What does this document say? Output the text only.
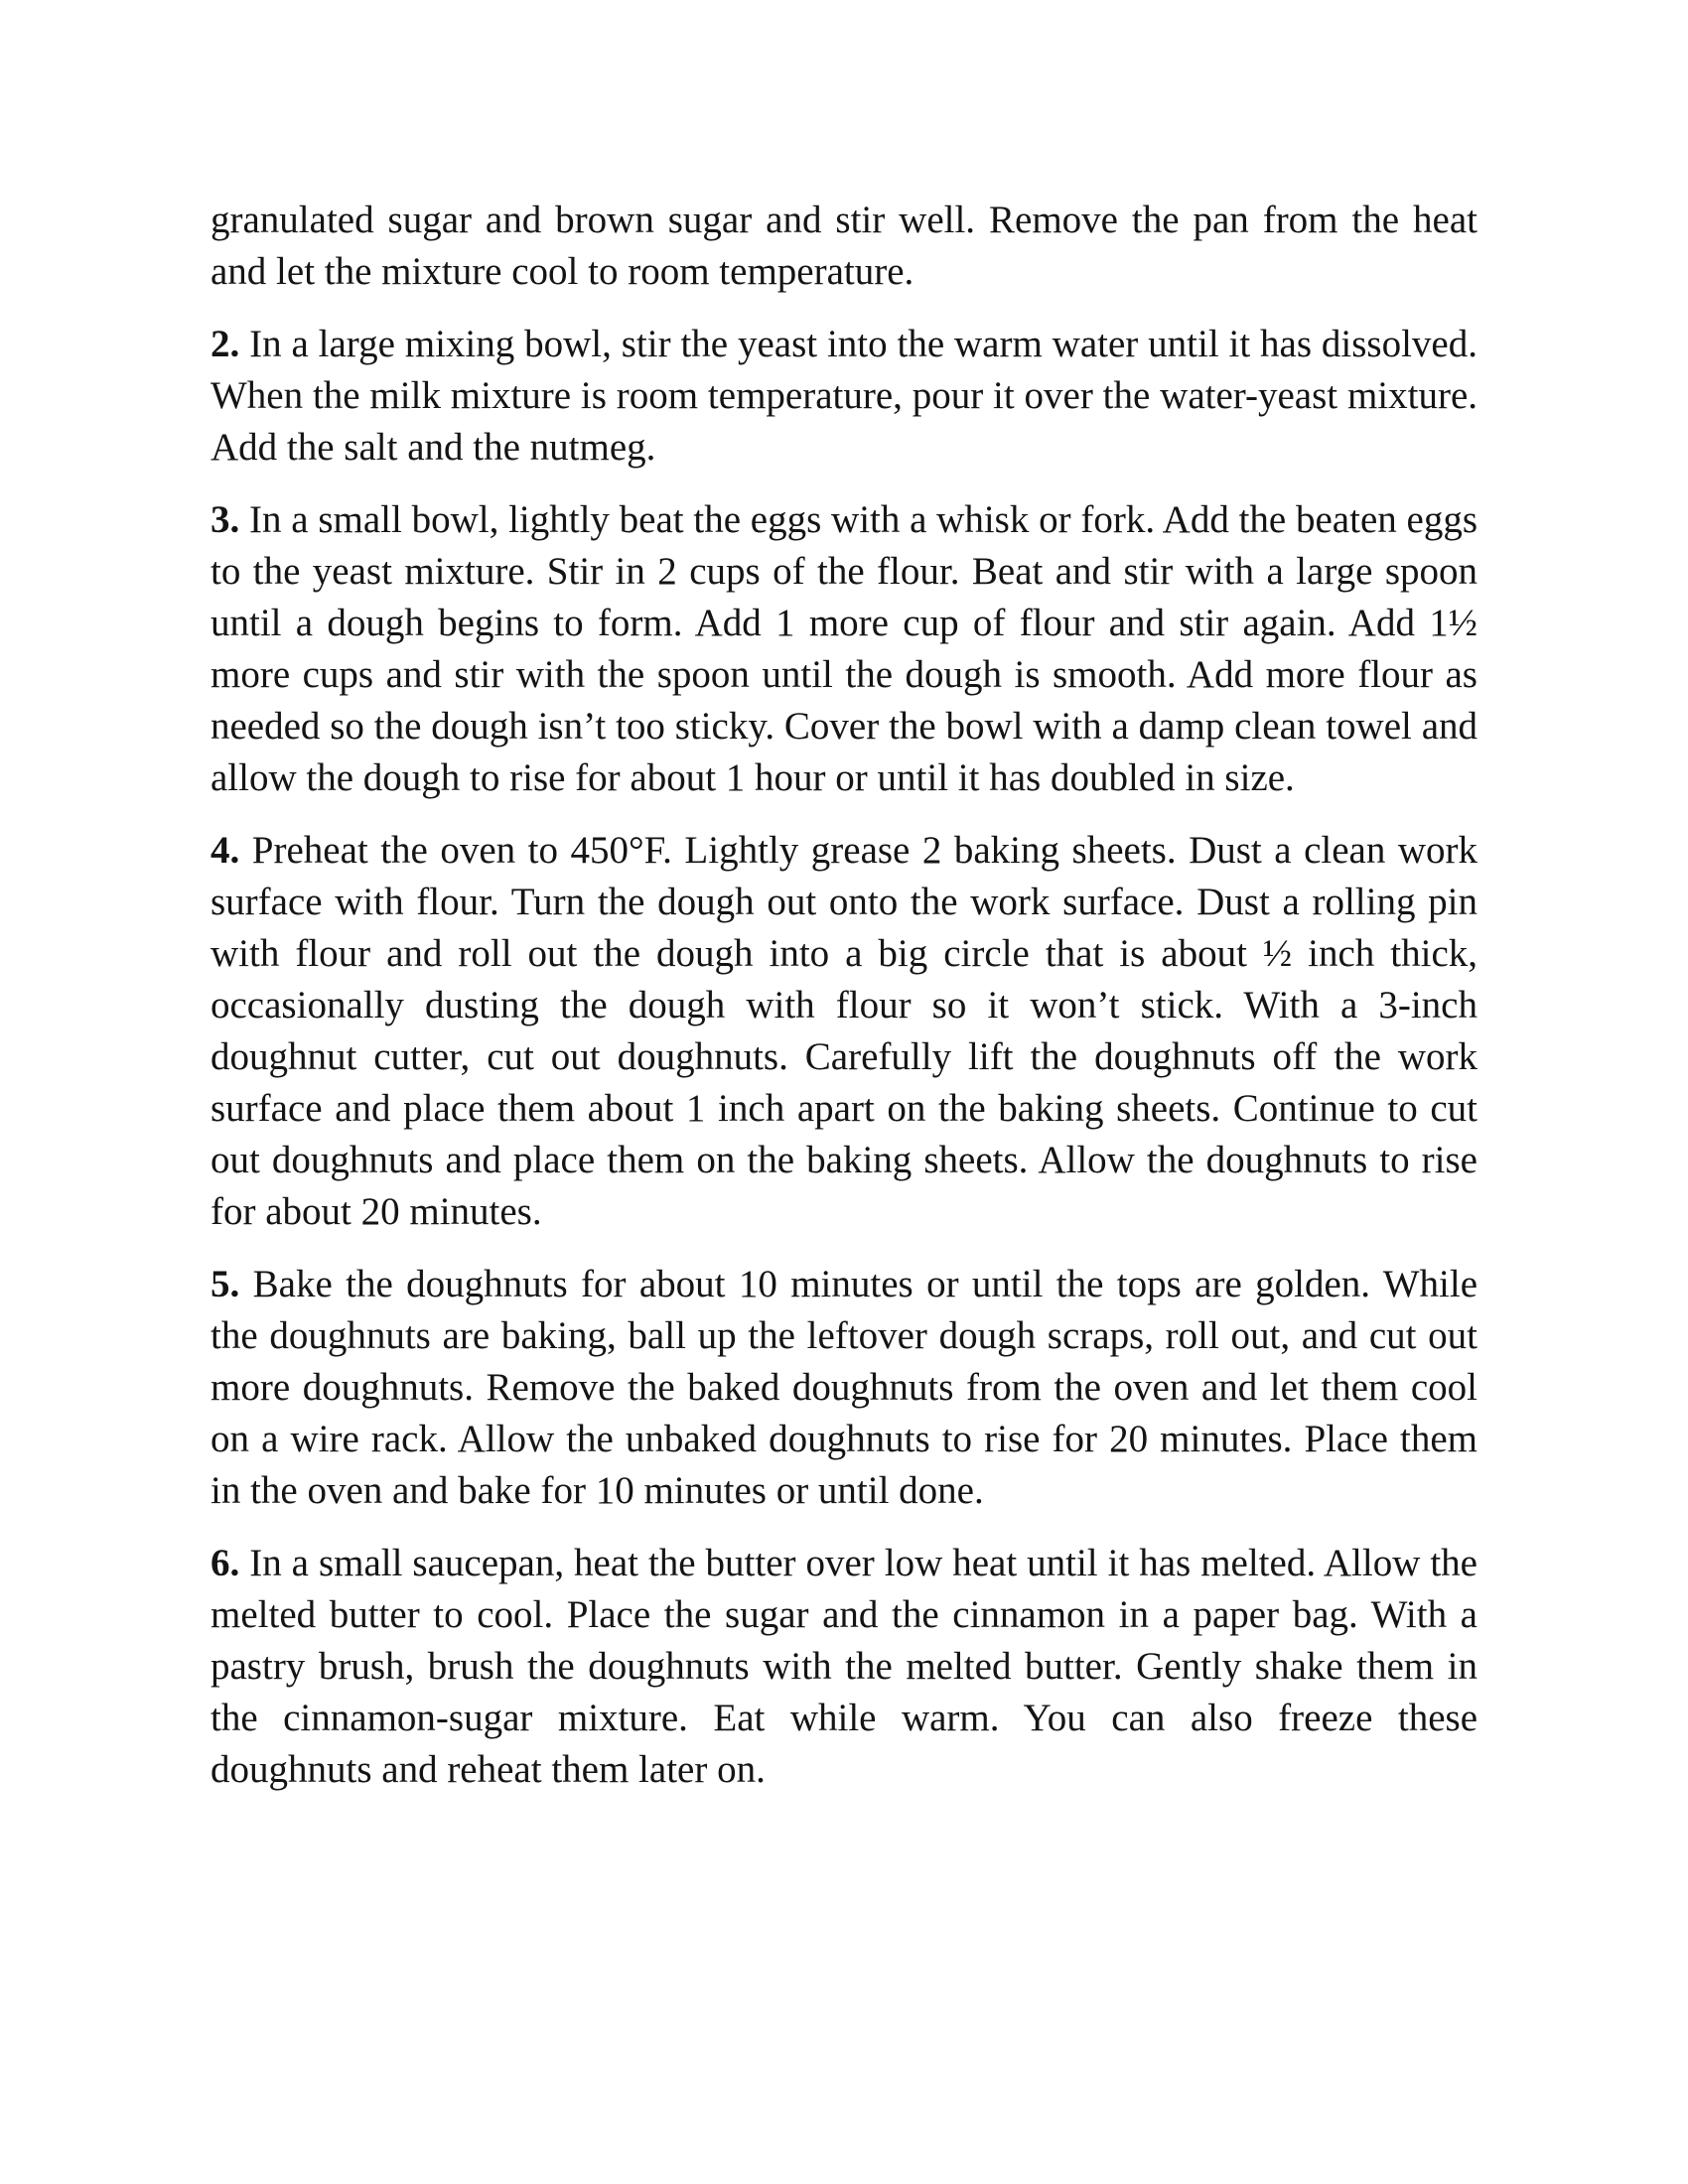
granulated sugar and brown sugar and stir well. Remove the pan from the heat and let the mixture cool to room temperature.

2. In a large mixing bowl, stir the yeast into the warm water until it has dissolved. When the milk mixture is room temperature, pour it over the water-yeast mixture. Add the salt and the nutmeg.

3. In a small bowl, lightly beat the eggs with a whisk or fork. Add the beaten eggs to the yeast mixture. Stir in 2 cups of the flour. Beat and stir with a large spoon until a dough begins to form. Add 1 more cup of flour and stir again. Add 1½ more cups and stir with the spoon until the dough is smooth. Add more flour as needed so the dough isn’t too sticky. Cover the bowl with a damp clean towel and allow the dough to rise for about 1 hour or until it has doubled in size.

4. Preheat the oven to 450°F. Lightly grease 2 baking sheets. Dust a clean work surface with flour. Turn the dough out onto the work surface. Dust a rolling pin with flour and roll out the dough into a big circle that is about ½ inch thick, occasionally dusting the dough with flour so it won’t stick. With a 3-inch doughnut cutter, cut out doughnuts. Carefully lift the doughnuts off the work surface and place them about 1 inch apart on the baking sheets. Continue to cut out doughnuts and place them on the baking sheets. Allow the doughnuts to rise for about 20 minutes.

5. Bake the doughnuts for about 10 minutes or until the tops are golden. While the doughnuts are baking, ball up the leftover dough scraps, roll out, and cut out more doughnuts. Remove the baked doughnuts from the oven and let them cool on a wire rack. Allow the unbaked doughnuts to rise for 20 minutes. Place them in the oven and bake for 10 minutes or until done.

6. In a small saucepan, heat the butter over low heat until it has melted. Allow the melted butter to cool. Place the sugar and the cinnamon in a paper bag. With a pastry brush, brush the doughnuts with the melted butter. Gently shake them in the cinnamon-sugar mixture. Eat while warm. You can also freeze these doughnuts and reheat them later on.
